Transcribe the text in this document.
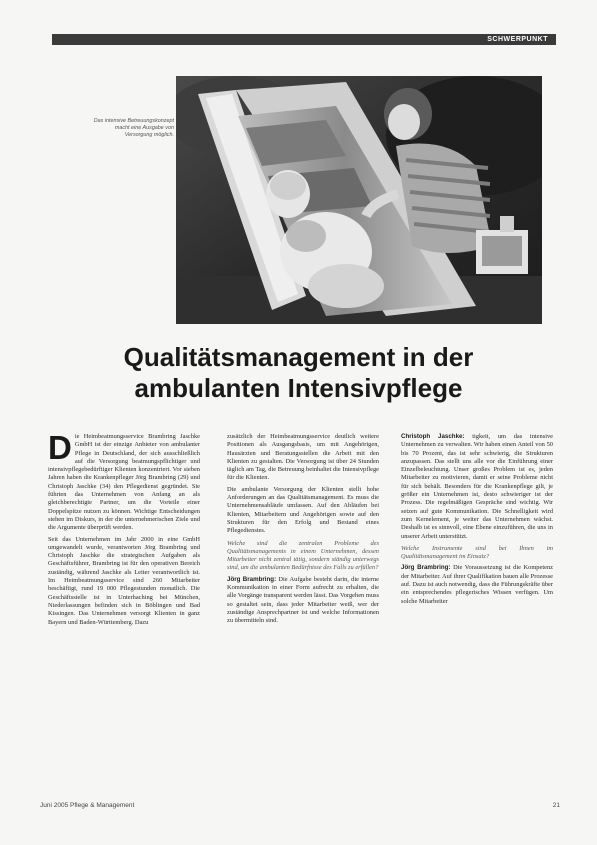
SCHWERPUNKT
Das intensive Betreuungskonzept macht eine Ausgabe von Versorgung möglich.
Qualitätsmanagement in der
ambulanten Intensivpflege

Die Heimbeatmungsservice Brambring Jaschke GmbH ist der einzige Anbieter von ambulanter Pflege in Deutschland, der sich ausschließlich auf die Versorgung beatmungspflichtiger und intensivpflegebedürftiger Klienten konzentriert. Vor sieben Jahren haben die Krankenpfleger Jörg Brambring (29) und Christoph Jaschke (34) den Pflegedienst gegründet. Sie führten das Unternehmen von Anfang an als gleichberechtigte Partner, um die Vorteile einer Doppelspitze nutzen zu können. Wichtige Entscheidungen stehen im Diskurs, in der die unternehmerischen Ziele und die Argumente überprüft werden.

Seit das Unternehmen im Jahr 2000 in eine GmbH umgewandelt wurde, verantworten Jörg Brambring und Christoph Jaschke die strategischen Aufgaben als Geschäftsführer, Brambring ist für den operativen Bereich zuständig, während Jaschke als Leiter verantwortlich ist. Im Heimbeatmungsservice sind 260 Mitarbeiter beschäftigt, rund 19 000 Pflegestunden monatlich. Die Geschäftsstelle ist in Unterhaching bei München, Niederlassungen befinden sich in Böblingen und Bad Kissingen. Das Unternehmen versorgt Klienten in ganz Bayern und Baden-Württemberg. Dazu

zusätzlich der Heimbeatmungsservice deutlich weitere Positionen als Ausgangsbasis, um mit Angehörigen, Hausärzten und Beratungsstellen die Arbeit mit den Klienten zu gestalten. Die Versorgung ist über 24 Stunden täglich am Tag, die Betreuung beinhaltet die Intensivpflege für die Klienten.

Die ambulante Versorgung der Klienten stellt hohe Anforderungen an das Qualitätsmanagement. Es muss die Unternehmensabläufe umfassen. Auf den Abläufen bei Klienten, Mitarbeitern und Angehörigen sowie auf den Strukturen für den Erfolg und Bestand eines Pflegedienstes.

Welche sind die zentralen Probleme des Qualitätsmanagements in einem Unternehmen, dessen Mitarbeiter nicht zentral tätig, sondern ständig unterwegs sind, um die ambulanten Bedürfnisse des Falls zu erfüllen?

Jörg Brambring: Die Aufgabe besteht darin, die interne Kommunikation in einer Form aufrecht zu erhalten, die alle Vorgänge transparent werden lässt. Das Vorgehen muss so gestaltet sein, dass jeder Mitarbeiter weiß, wer der zuständige Ansprechpartner ist und welche Informationen zu übermitteln sind.

Christoph Jaschke: tigkeit, um das intensive Unternehmen zu verwalten. Wir haben einen Anteil von 50 bis 70 Prozent, das ist sehr schwierig, die Strukturen anzupassen. Das stellt uns alle vor die Einführung einer Einzelbeleuchtung. Unser großes Problem ist es, jeden Mitarbeiter zu motivieren, damit er seine Probleme nicht für sich behält. Besonders für die Krankenpflege gilt, je größer ein Unternehmen ist, desto schwieriger ist der Prozess. Die regelmäßigen Gespräche sind wichtig. Wir setzen auf gute Kommunikation. Die Schnelligkeit wird zum Kernelement, je weiter das Unternehmen wächst. Deshalb ist es sinnvoll, eine Ebene einzuführen, die uns in unserer Arbeit unterstützt.

Welche Instrumente sind bei Ihnen im Qualitätsmanagement im Einsatz?

Jörg Brambring: Die Voraussetzung ist die Kompetenz der Mitarbeiter. Auf ihrer Qualifikation bauen alle Prozesse auf. Dazu ist auch notwendig, dass die Führungskräfte über ein entsprechendes pflegerisches Wissen verfügen. Um solche Mitarbeiter

Juni 2005 Pflege & Management	21
